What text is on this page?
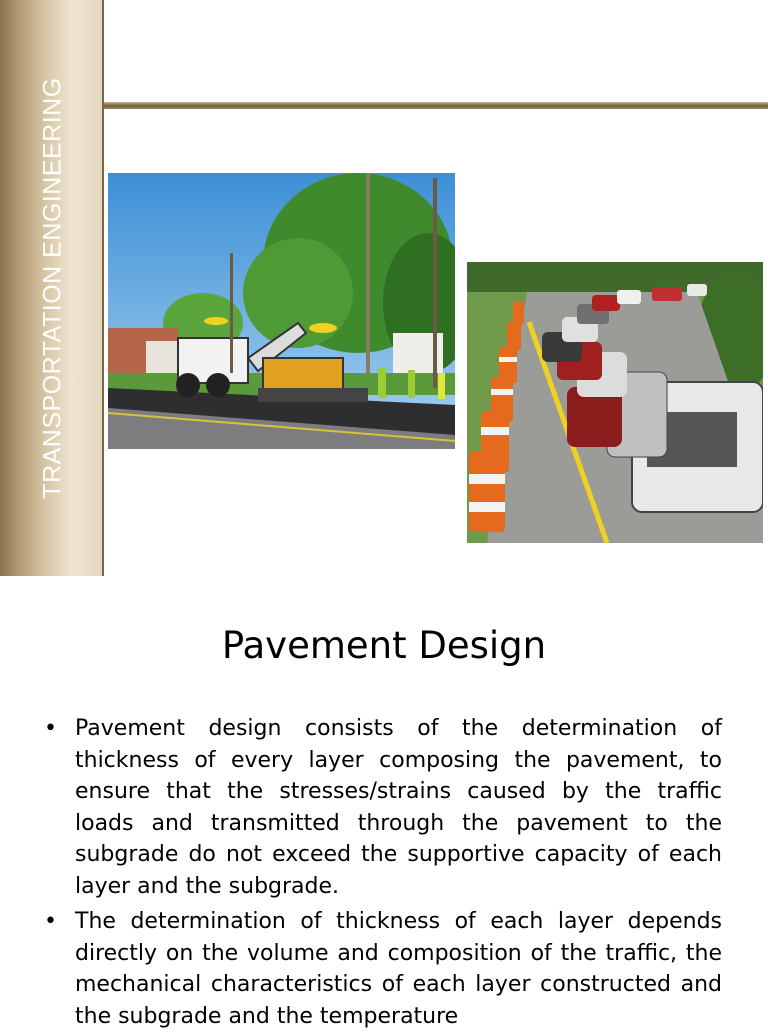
TRANSPORTATION ENGINEERING
Pavement Design
• Pavement design consists of the determination of thickness of every layer composing the pavement, to ensure that the stresses/strains caused by the traffic loads and transmitted through the pavement to the subgrade do not exceed the supportive capacity of each layer and the subgrade.
• The determination of thickness of each layer depends directly on the volume and composition of the traffic, the mechanical characteristics of each layer constructed and the subgrade and the temperature
